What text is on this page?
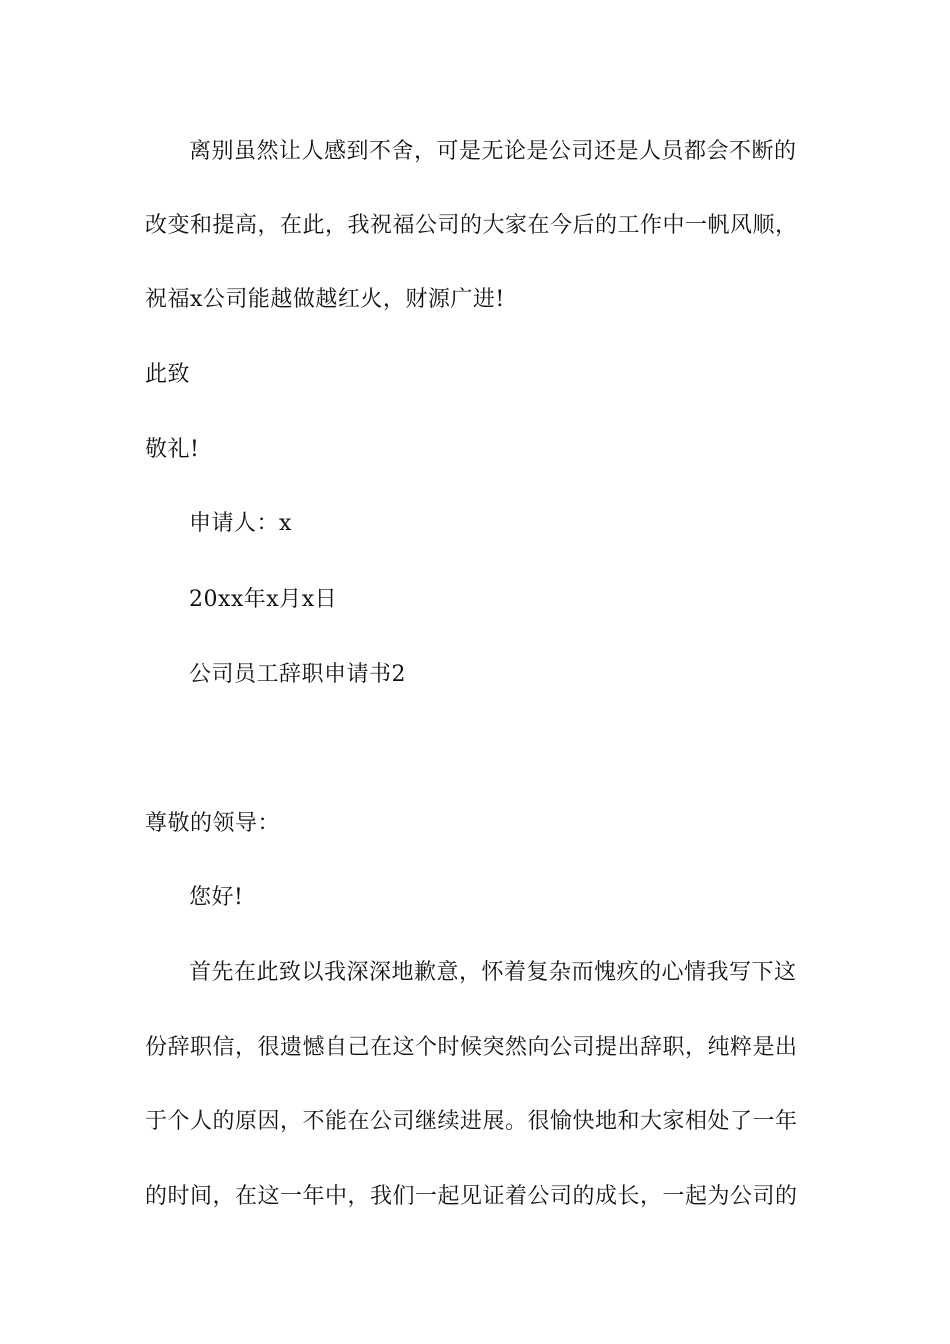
离别虽然让人感到不舍，可是无论是公司还是人员都会不断的
改变和提高，在此，我祝福公司的大家在今后的工作中一帆风顺，
祝福x公司能越做越红火，财源广进!
此致
敬礼!
申请人：x
20xx年x月x日
公司员工辞职申请书2
尊敬的领导：
您好!
首先在此致以我深深地歉意，怀着复杂而愧疚的心情我写下这
份辞职信，很遗憾自己在这个时候突然向公司提出辞职，纯粹是出
于个人的原因，不能在公司继续进展。很愉快地和大家相处了一年
的时间，在这一年中，我们一起见证着公司的成长，一起为公司的
